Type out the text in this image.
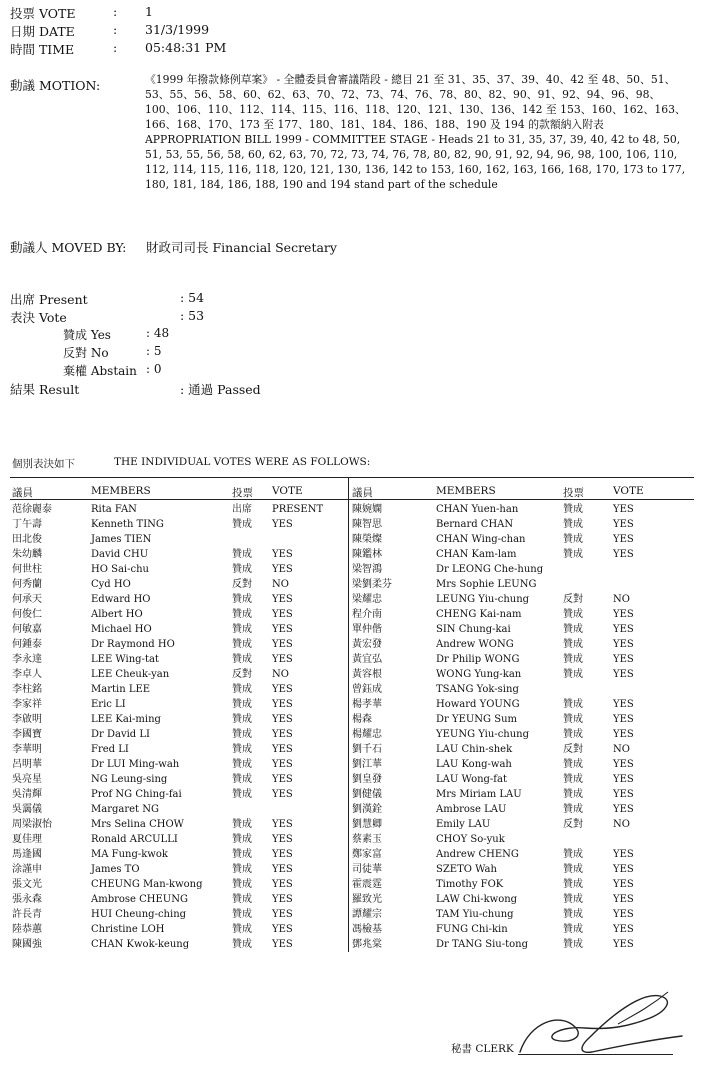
投票 VOTE	: 1
日期 DATE	: 31/3/1999
時間 TIME	: 05:48:31 PM
動議 MOTION:	《1999 年撥款條例草案》 - 全體委員會審議階段 - 總目 21 至 31、35、37、39、40、42 至 48、50、51、53、55、56、58、60、62、63、70、72、73、74、76、78、80、82、90、91、92、94、96、98、100、106、110、112、114、115、116、118、120、121、130、136、142 至 153、160、162、163、166、168、170、173 至 177、180、181、184、186、188、190 及 194 的款額納入附表

APPROPRIATION BILL 1999 - COMMITTEE STAGE - Heads 21 to 31, 35, 37, 39, 40, 42 to 48, 50, 51, 53, 55, 56, 58, 60, 62, 63, 70, 72, 73, 74, 76, 78, 80, 82, 90, 91, 92, 94, 96, 98, 100, 106, 110, 112, 114, 115, 116, 118, 120, 121, 130, 136, 142 to 153, 160, 162, 163, 166, 168, 170, 173 to 177, 180, 181, 184, 186, 188, 190 and 194 stand part of the schedule

動議人 MOVED BY: 財政司司長 Financial Secretary
出席 Present	: 54
表決 Vote	: 53
贊成 Yes	: 48
反對 No	: 5
棄權 Abstain : 0
結果 Result	: 通過 Passed
個別表決如下	THE INDIVIDUAL VOTES WERE AS FOLLOWS:
議員	MEMBERS	投票 VOTE	議員	MEMBERS	投票	VOTE
范徐麗泰	Rita FAN	出席 PRESENT
丁午壽	Kenneth TING	贊成 YES
田北俊	James TIEN
朱幼麟	David CHU	贊成 YES
何世柱	HO Sai-chu	贊成 YES
何秀蘭	Cyd HO	反對 NO
何承天	Edward HO	贊成 YES
何俊仁	Albert HO	贊成 YES
何敏嘉	Michael HO	贊成 YES
何鍾泰	Dr Raymond HO	贊成 YES
李永達	LEE Wing-tat	贊成 YES
李卓人	LEE Cheuk-yan	反對 NO
李柱銘	Martin LEE	贊成 YES
李家祥	Eric LI	贊成 YES
李啟明	LEE Kai-ming	贊成 YES
李國寶	Dr David LI	贊成 YES
李華明	Fred LI	贊成 YES
呂明華	Dr LUI Ming-wah	贊成 YES
吳亮星	NG Leung-sing	贊成 YES
吳清輝	Prof NG Ching-fai	贊成 YES
吳靄儀	Margaret NG
周梁淑怡	Mrs Selina CHOW	贊成 YES
夏佳理	Ronald ARCULLI	贊成 YES
馬逢國	MA Fung-kwok	贊成 YES
涂謹申	James TO	贊成 YES
張文光	CHEUNG Man-kwong	贊成 YES
張永森	Ambrose CHEUNG	贊成 YES
許長青	HUI Cheung-ching	贊成 YES
陸恭蕙	Christine LOH	贊成 YES
陳國強	CHAN Kwok-keung	贊成 YES
陳婉嫻	CHAN Yuen-han	贊成	YES
陳智思	Bernard CHAN	贊成	YES
陳榮燦	CHAN Wing-chan	贊成	YES
陳鑑林	CHAN Kam-lam	贊成	YES
梁智鴻	Dr LEONG Che-hung
梁劉柔芬	Mrs Sophie LEUNG
梁耀忠	LEUNG Yiu-chung	反對	NO
程介南	CHENG Kai-nam	贊成	YES
單仲偕	SIN Chung-kai	贊成	YES
黃宏發	Andrew WONG	贊成	YES
黃宜弘	Dr Philip WONG	贊成	YES
黃容根	WONG Yung-kan	贊成	YES
曾鈺成	TSANG Yok-sing
楊孝華	Howard YOUNG	贊成	YES
楊森	Dr YEUNG Sum	贊成	YES
楊耀忠	YEUNG Yiu-chung	贊成	YES
劉千石	LAU Chin-shek	反對	NO
劉江華	LAU Kong-wah	贊成	YES
劉皇發	LAU Wong-fat	贊成	YES
劉健儀	Mrs Miriam LAU	贊成	YES
劉漢銓	Ambrose LAU	贊成	YES
劉慧卿	Emily LAU	反對	NO
蔡素玉	CHOY So-yuk
鄭家富	Andrew CHENG	贊成	YES
司徒華	SZETO Wah	贊成	YES
霍震霆	Timothy FOK	贊成	YES
羅致光	LAW Chi-kwong	贊成	YES
譚耀宗	TAM Yiu-chung	贊成	YES
馮檢基	FUNG Chi-kin	贊成	YES
鄧兆棠	Dr TANG Siu-tong	贊成	YES
秘書 CLERK
